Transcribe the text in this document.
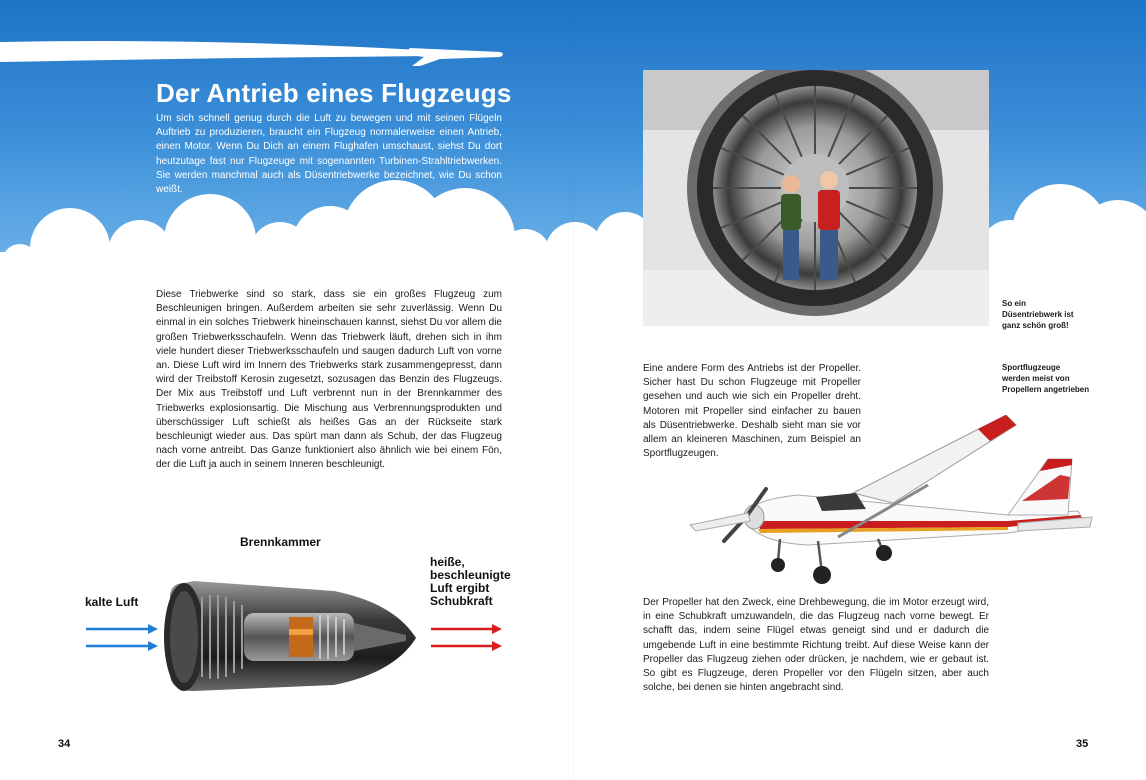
Der Antrieb eines Flugzeugs
Um sich schnell genug durch die Luft zu bewegen und mit seinen Flügeln Auftrieb zu produzieren, braucht ein Flugzeug normalerweise einen Antrieb, einen Motor. Wenn Du Dich an einem Flughafen umschaust, siehst Du dort heutzutage fast nur Flugzeuge mit sogenannten Turbinen-Strahltriebwerken. Sie werden manchmal auch als Düsentriebwerke bezeichnet, wie Du schon weißt.
Diese Triebwerke sind so stark, dass sie ein großes Flugzeug zum Beschleunigen bringen. Außerdem arbeiten sie sehr zuverlässig. Wenn Du einmal in ein solches Triebwerk hineinschauen kannst, siehst Du vor allem die großen Triebwerksschaufeln. Wenn das Triebwerk läuft, drehen sich in ihm viele hundert dieser Triebwerksschaufeln und saugen dadurch Luft von vorne an. Diese Luft wird im Innern des Triebwerks stark zusammengepresst, dann wird der Treibstoff Kerosin zugesetzt, sozusagen das Benzin des Flugzeugs. Der Mix aus Treibstoff und Luft verbrennt nun in der Brennkammer des Triebwerks explosionsartig. Die Mischung aus Verbrennungsprodukten und überschüssiger Luft schießt als heißes Gas an der Rückseite stark beschleunigt wieder aus. Das spürt man dann als Schub, der das Flugzeug nach vorne antreibt. Das Ganze funktioniert also ähnlich wie bei einem Fön, der die Luft ja auch in seinem Inneren beschleunigt.
Brennkammer
kalte Luft
heiße, beschleunigte Luft ergibt Schubkraft
34
So ein Düsentriebwerk ist ganz schön groß!
Sportflugzeuge werden meist von Propellern angetrieben
Eine andere Form des Antriebs ist der Propeller. Sicher hast Du schon Flugzeuge mit Propeller gesehen und auch wie sich ein Propeller dreht. Motoren mit Propeller sind einfacher zu bauen als Düsentriebwerke. Deshalb sieht man sie vor allem an kleineren Maschinen, zum Beispiel an Sportflugzeugen.
Der Propeller hat den Zweck, eine Drehbewegung, die im Motor erzeugt wird, in eine Schubkraft umzuwandeln, die das Flugzeug nach vorne bewegt. Er schafft das, indem seine Flügel etwas geneigt sind und er dadurch die umgebende Luft in eine bestimmte Richtung treibt. Auf diese Weise kann der Propeller das Flugzeug ziehen oder drücken, je nachdem, wie er gebaut ist. So gibt es Flugzeuge, deren Propeller vor den Flügeln sitzen, aber auch solche, bei denen sie hinten angebracht sind.
35
